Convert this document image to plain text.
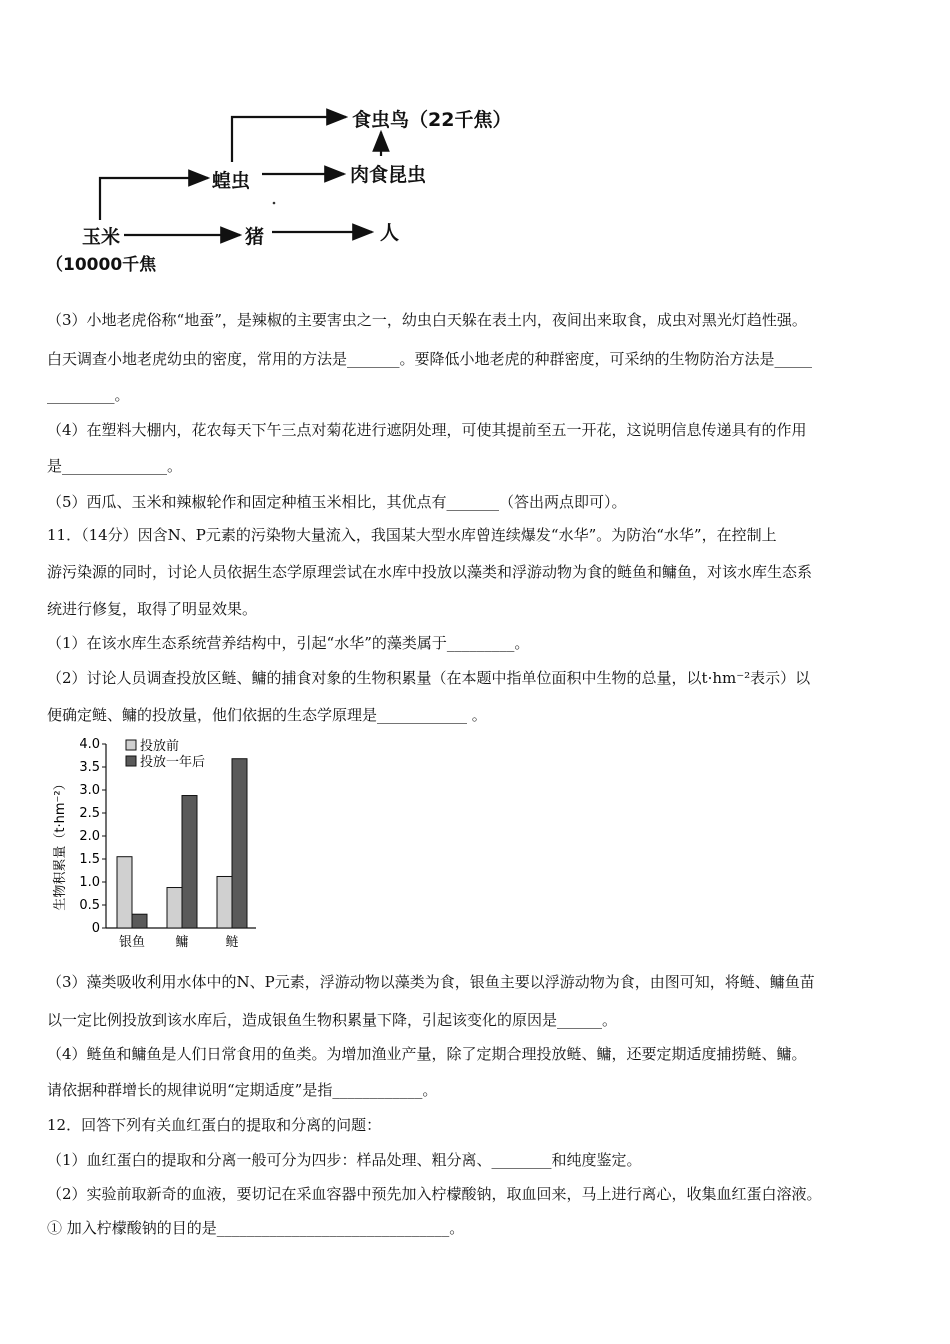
食虫鸟（22千焦）
蝗虫	肉食昆虫
玉米
（10000千焦
猪	人
（3）小地老虎俗称“地蚕”，是辣椒的主要害虫之一，幼虫白天躲在表土内，夜间出来取食，成虫对黑光灯趋性强。
白天调查小地老虎幼虫的密度，常用的方法是_______。要降低小地老虎的种群密度，可采纳的生物防治方法是_____
_________。
（4）在塑料大棚内，花农每天下午三点对菊花进行遮阴处理，可使其提前至五一开花，这说明信息传递具有的作用
是______________。
（5）西瓜、玉米和辣椒轮作和固定种植玉米相比，其优点有_______（答出两点即可）。
11．（14分）因含N、P元素的污染物大量流入，我国某大型水库曾连续爆发“水华”。为防治“水华”，在控制上
游污染源的同时，讨论人员依据生态学原理尝试在水库中投放以藻类和浮游动物为食的鲢鱼和鳙鱼，对该水库生态系
统进行修复，取得了明显效果。
（1）在该水库生态系统营养结构中，引起“水华”的藻类属于_________。
（2）讨论人员调查投放区鲢、鳙的捕食对象的生物积累量（在本题中指单位面积中生物的总量，以t·hm⁻²表示）以
便确定鲢、鳙的投放量，他们依据的生态学原理是____________ 。
0
0.5
1.0
1.5
2.0
2.5
3.0
3.5
4.0
生物积累量（t·hm⁻²）
银鱼 鳙	鲢
投放前
投放一年后
（3）藻类吸收利用水体中的N、P元素，浮游动物以藻类为食，银鱼主要以浮游动物为食，由图可知，将鲢、鳙鱼苗
以一定比例投放到该水库后，造成银鱼生物积累量下降，引起该变化的原因是______。
（4）鲢鱼和鳙鱼是人们日常食用的鱼类。为增加渔业产量，除了定期合理投放鲢、鳙，还要定期适度捕捞鲢、鳙。
请依据种群增长的规律说明“定期适度”是指____________。
12．回答下列有关血红蛋白的提取和分离的问题：
（1）血红蛋白的提取和分离一般可分为四步：样品处理、粗分离、________和纯度鉴定。
（2）实验前取新奇的血液，要切记在采血容器中预先加入柠檬酸钠，取血回来，马上进行离心，收集血红蛋白溶液。
① 加入柠檬酸钠的目的是_______________________________。
